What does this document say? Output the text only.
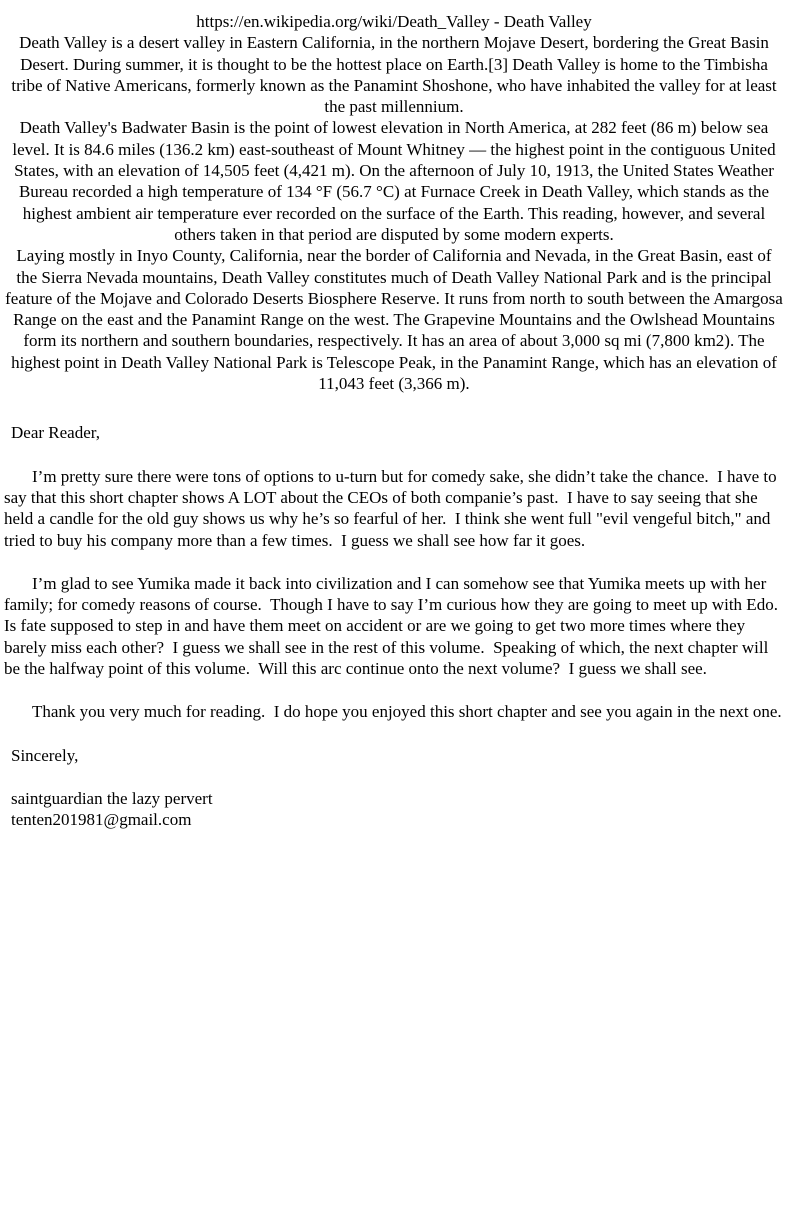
https://en.wikipedia.org/wiki/Death_Valley - Death Valley

Death Valley is a desert valley in Eastern California, in the northern Mojave Desert, bordering the Great Basin Desert. During summer, it is thought to be the hottest place on Earth.[3] Death Valley is home to the Timbisha tribe of Native Americans, formerly known as the Panamint Shoshone, who have inhabited the valley for at least the past millennium.

Death Valley's Badwater Basin is the point of lowest elevation in North America, at 282 feet (86 m) below sea level. It is 84.6 miles (136.2 km) east-southeast of Mount Whitney — the highest point in the contiguous United States, with an elevation of 14,505 feet (4,421 m). On the afternoon of July 10, 1913, the United States Weather Bureau recorded a high temperature of 134 °F (56.7 °C) at Furnace Creek in Death Valley, which stands as the highest ambient air temperature ever recorded on the surface of the Earth. This reading, however, and several others taken in that period are disputed by some modern experts.

Laying mostly in Inyo County, California, near the border of California and Nevada, in the Great Basin, east of the Sierra Nevada mountains, Death Valley constitutes much of Death Valley National Park and is the principal feature of the Mojave and Colorado Deserts Biosphere Reserve. It runs from north to south between the Amargosa Range on the east and the Panamint Range on the west. The Grapevine Mountains and the Owlshead Mountains form its northern and southern boundaries, respectively. It has an area of about 3,000 sq mi (7,800 km2). The highest point in Death Valley National Park is Telescope Peak, in the Panamint Range, which has an elevation of 11,043 feet (3,366 m).

Dear Reader,

I’m pretty sure there were tons of options to u-turn but for comedy sake, she didn’t take the chance.  I have to say that this short chapter shows A LOT about the CEOs of both companie’s past.  I have to say seeing that she held a candle for the old guy shows us why he’s so fearful of her.  I think she went full "evil vengeful bitch," and tried to buy his company more than a few times.  I guess we shall see how far it goes.

I’m glad to see Yumika made it back into civilization and I can somehow see that Yumika meets up with her family; for comedy reasons of course.  Though I have to say I’m curious how they are going to meet up with Edo.  Is fate supposed to step in and have them meet on accident or are we going to get two more times where they barely miss each other?  I guess we shall see in the rest of this volume.  Speaking of which, the next chapter will be the halfway point of this volume.  Will this arc continue onto the next volume?  I guess we shall see.

Thank you very much for reading.  I do hope you enjoyed this short chapter and see you again in the next one.

Sincerely,

saintguardian the lazy pervert

tenten201981@gmail.com
